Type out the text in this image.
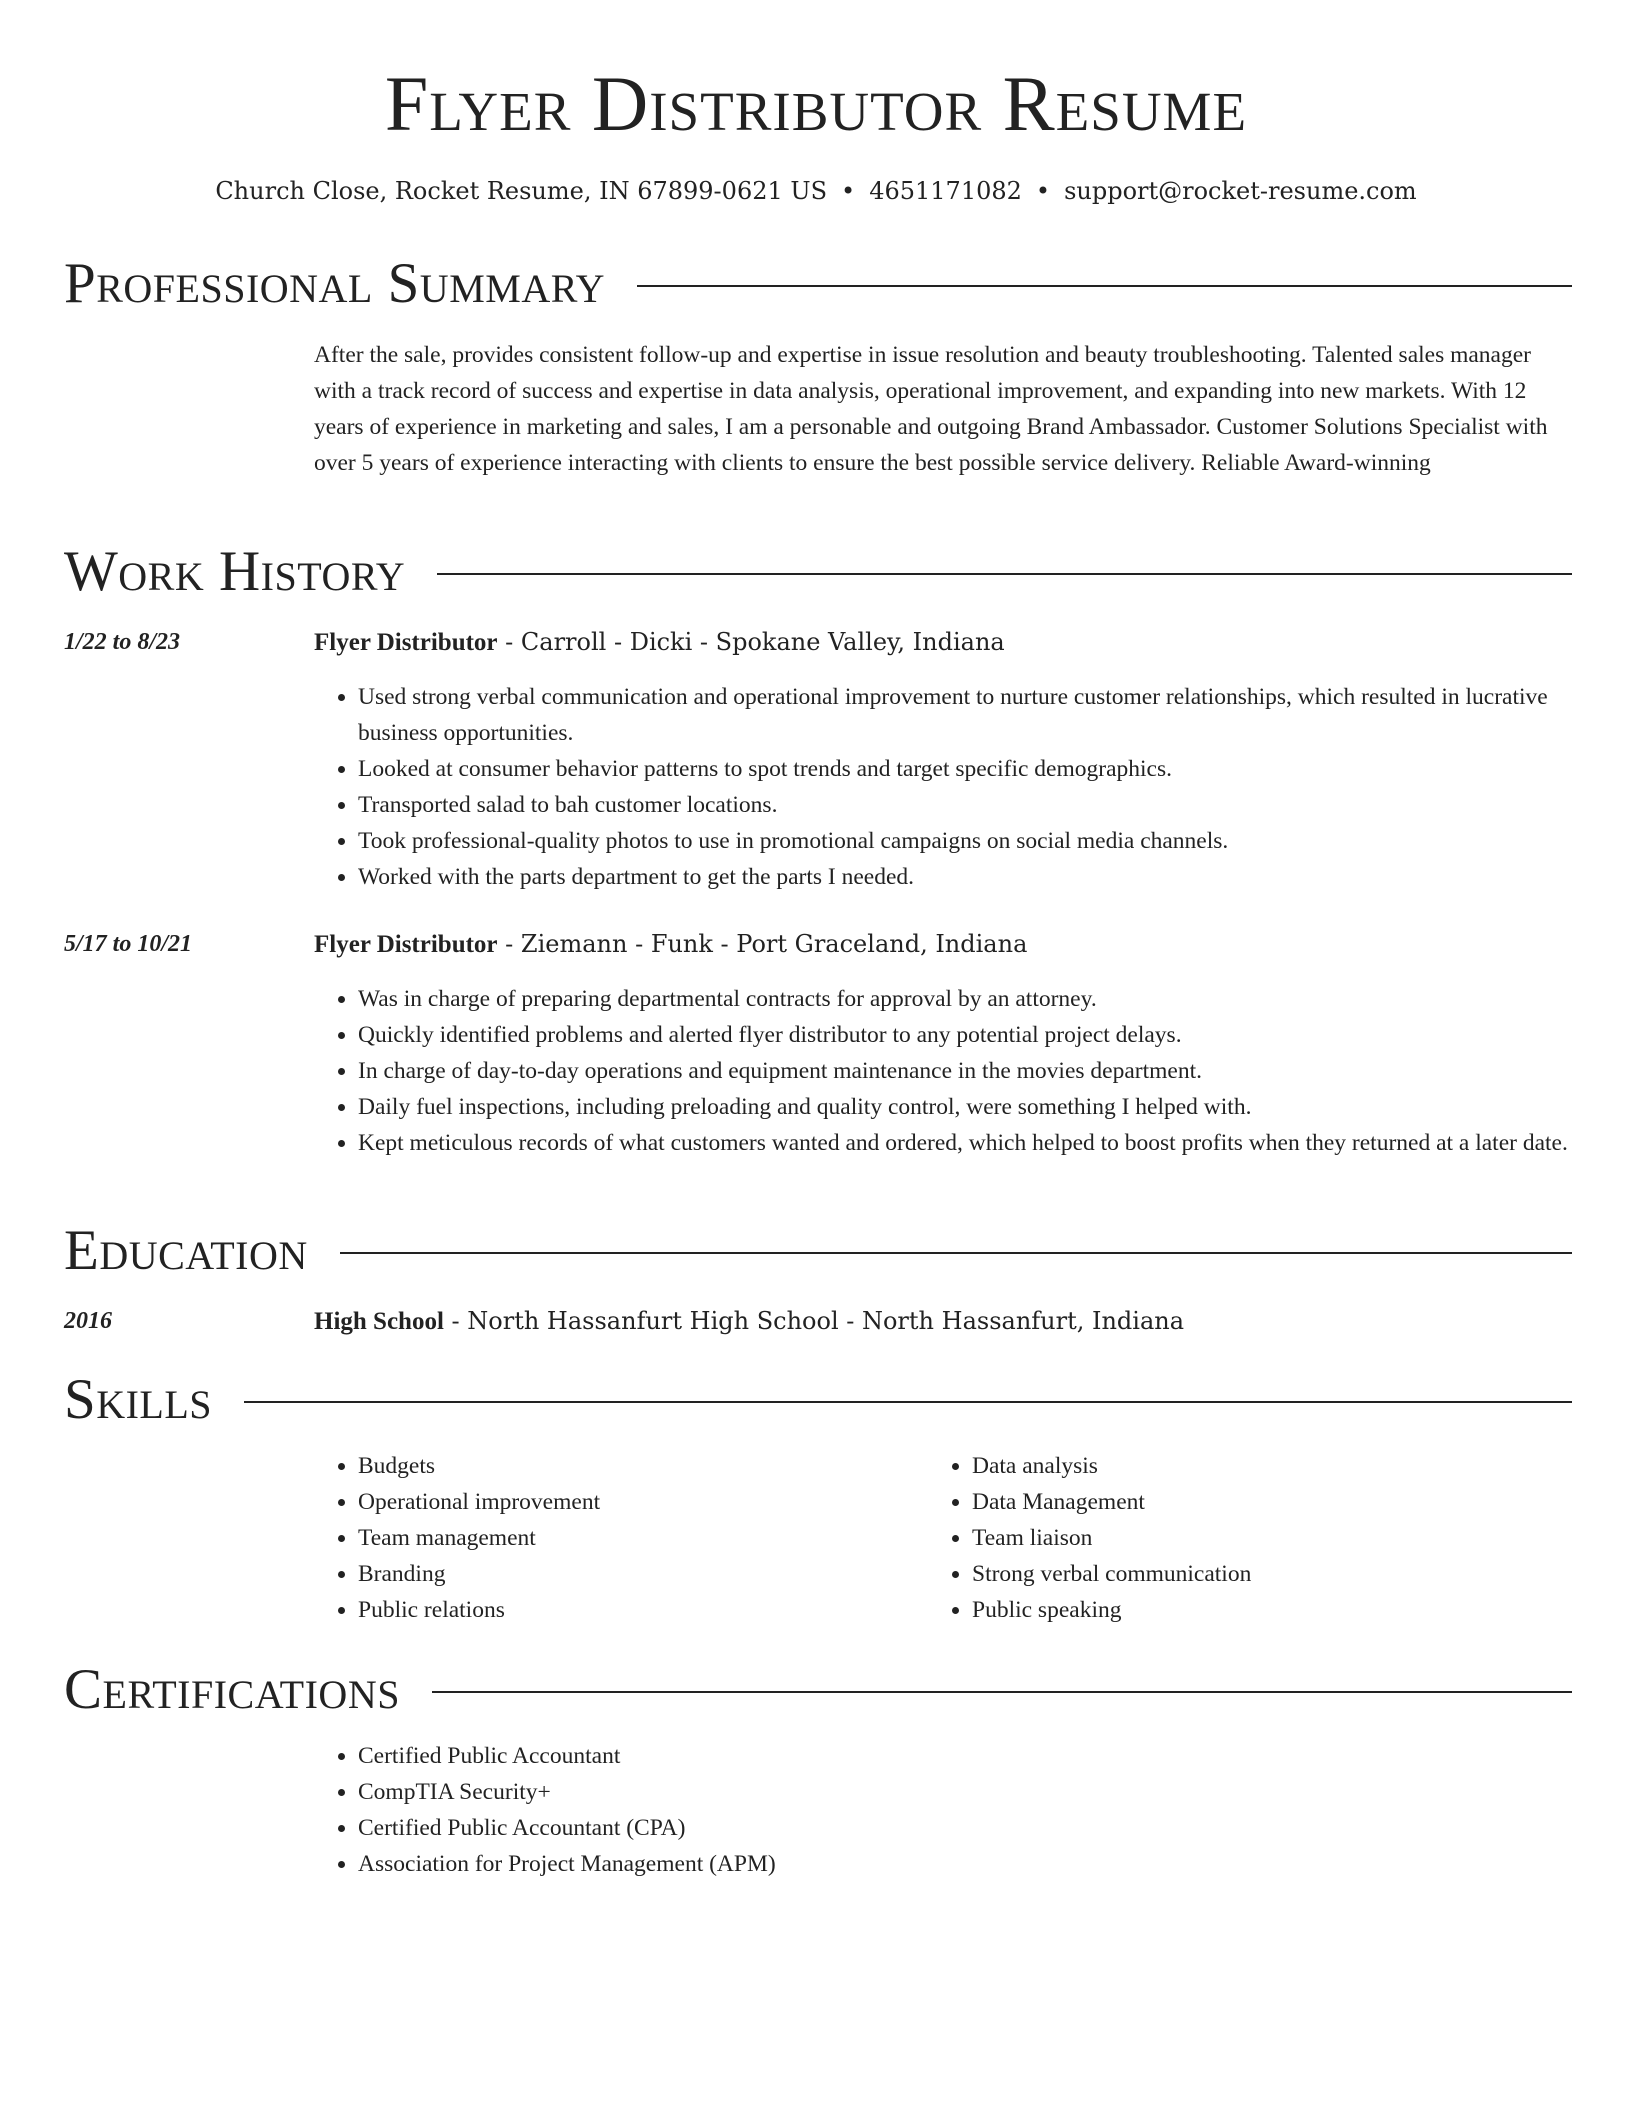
Flyer Distributor Resume
Church Close, Rocket Resume, IN 67899-0621 US • 4651171082 • support@rocket-resume.com
Professional Summary
After the sale, provides consistent follow-up and expertise in issue resolution and beauty troubleshooting. Talented sales manager with a track record of success and expertise in data analysis, operational improvement, and expanding into new markets. With 12 years of experience in marketing and sales, I am a personable and outgoing Brand Ambassador. Customer Solutions Specialist with over 5 years of experience interacting with clients to ensure the best possible service delivery. Reliable Award-winning
Work History
1/22 to 8/23	Flyer Distributor - Carroll - Dicki - Spokane Valley, Indiana
• Used strong verbal communication and operational improvement to nurture customer relationships, which resulted in lucrative business opportunities.
• Looked at consumer behavior patterns to spot trends and target specific demographics.
• Transported salad to bah customer locations.
• Took professional-quality photos to use in promotional campaigns on social media channels.
• Worked with the parts department to get the parts I needed.
5/17 to 10/21	Flyer Distributor - Ziemann - Funk - Port Graceland, Indiana
• Was in charge of preparing departmental contracts for approval by an attorney.
• Quickly identified problems and alerted flyer distributor to any potential project delays.
• In charge of day-to-day operations and equipment maintenance in the movies department.
• Daily fuel inspections, including preloading and quality control, were something I helped with.
• Kept meticulous records of what customers wanted and ordered, which helped to boost profits when they returned at a later date.
Education
2016	High School - North Hassanfurt High School - North Hassanfurt, Indiana
Skills
• Budgets
• Operational improvement
• Team management
• Branding
• Public relations
• Data analysis
• Data Management
• Team liaison
• Strong verbal communication
• Public speaking
Certifications
• Certified Public Accountant
• CompTIA Security+
• Certified Public Accountant (CPA)
• Association for Project Management (APM)
